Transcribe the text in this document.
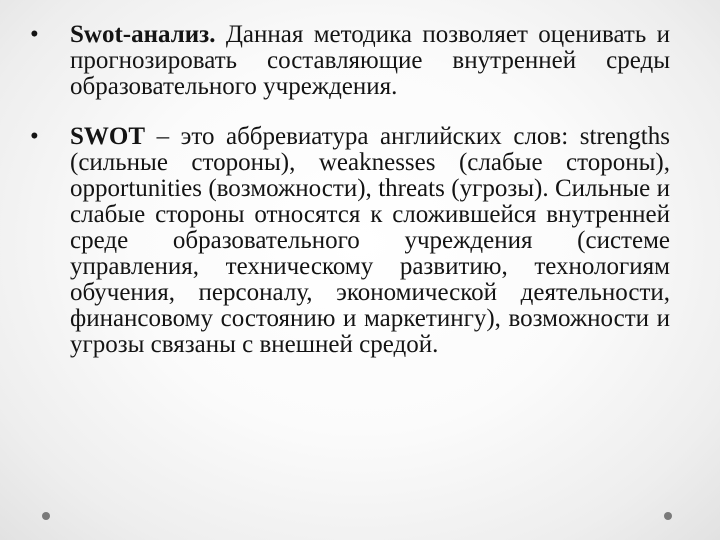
• Swot-анализ. Данная методика позволяет оценивать и прогнозировать составляющие внутренней среды образовательного учреждения.
• SWOT – это аббревиатура английских слов: strengths (сильные стороны), weaknesses (слабые стороны), opportunities (возможности), threats (угрозы). Сильные и слабые стороны относятся к сложившейся внутренней среде образовательного учреждения (системе управления, техническому развитию, технологиям обучения, персоналу, экономической деятельности, финансовому состоянию и маркетингу), возможности и угрозы связаны с внешней средой.
